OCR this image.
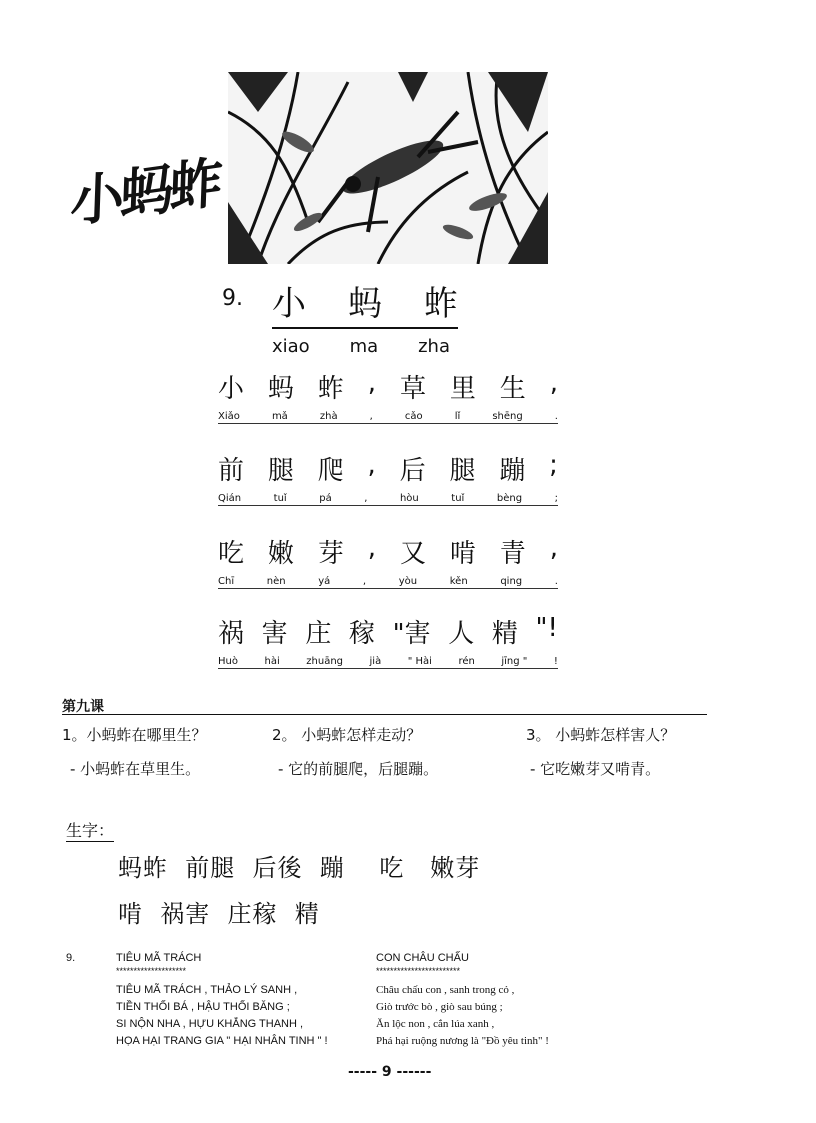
小蚂蚱
9. 小 蚂 蚱
xiao ma zha
小 蚂 蚱 , 草 里 生 ,
Xiǎo	mǎ	zhà	,	cǎo	lǐ	shēng	.
前 腿 爬 , 后 腿 蹦 ;
Qián	tuǐ	pá	,	hòu	tuǐ	bèng	;
吃 嫩 芽 , 又 啃 青 ,
Chī	nèn	yá	,	yòu	kěn	qing	.
祸 害 庄 稼 "害 人 精 "!
Huò	hài	zhuāng	jià	" Hài	rén	jīng "	!
第九课
1。小蚂蚱在哪里生？	2。 小蚂蚱怎样走动？	3。 小蚂蚱怎样害人？
- 小蚂蚱在草里生。	- 它的前腿爬，后腿蹦。	- 它吃嫩芽又啃青。
生字：
蚂蚱 前腿 后後 蹦 吃 嫩芽
啃 祸害 庄稼 精
9.	TIÊU MÃ TRÁCH
********************
TIÊU MÃ TRÁCH , THẢO LÝ SANH ,
TIỀN THỐI BÁ , HẬU THỐI BĂNG ;
SI NỘN NHA , HỰU KHẲNG THANH ,
HỌA HẠI TRANG GIA " HẠI NHÂN TINH " !
CON CHÂU CHẤU
************************
Châu chấu con , sanh trong cỏ ,
Giò trước bò , giò sau búng ;
Ăn lộc non , cắn lúa xanh ,
Phá hại ruộng nương là "Đồ yêu tinh" !
----- 9 ------
